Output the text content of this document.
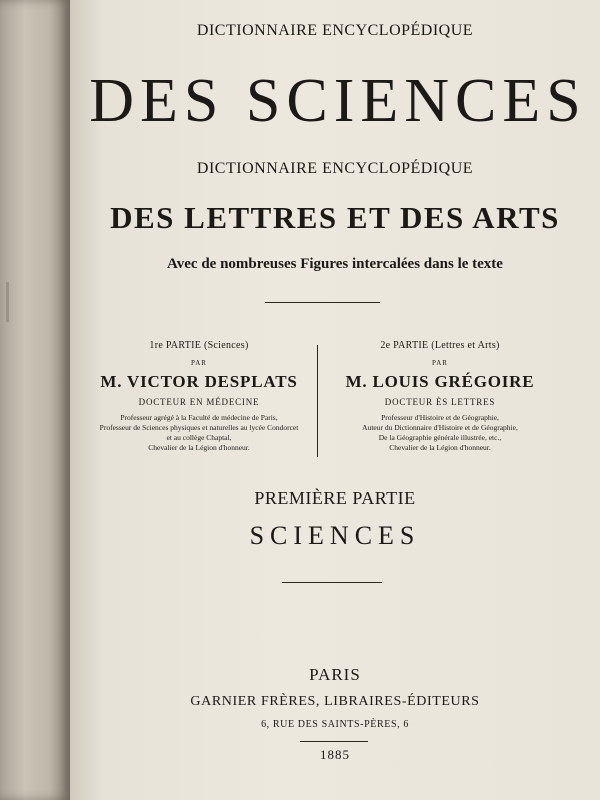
DICTIONNAIRE ENCYCLOPÉDIQUE
DES SCIENCES
DICTIONNAIRE ENCYCLOPÉDIQUE
DES LETTRES ET DES ARTS
Avec de nombreuses Figures intercalées dans le texte
1re PARTIE (Sciences)
PAR
M. VICTOR DESPLATS
DOCTEUR EN MÉDECINE
Professeur agrégé à la Faculté de médecine de Paris,
Professeur de Sciences physiques et naturelles au lycée Condorcet
et au collège Chaptal,
Chevalier de la Légion d'honneur.
2e PARTIE (Lettres et Arts)
PAR
M. LOUIS GRÉGOIRE
DOCTEUR ÈS LETTRES
Professeur d'Histoire et de Géographie,
Auteur du Dictionnaire d'Histoire et de Géographie,
De la Géographie générale illustrée, etc.,
Chevalier de la Légion d'honneur.
PREMIÈRE PARTIE
SCIENCES
PARIS
GARNIER FRÈRES, LIBRAIRES-ÉDITEURS
6, RUE DES SAINTS-PÈRES, 6
1885
